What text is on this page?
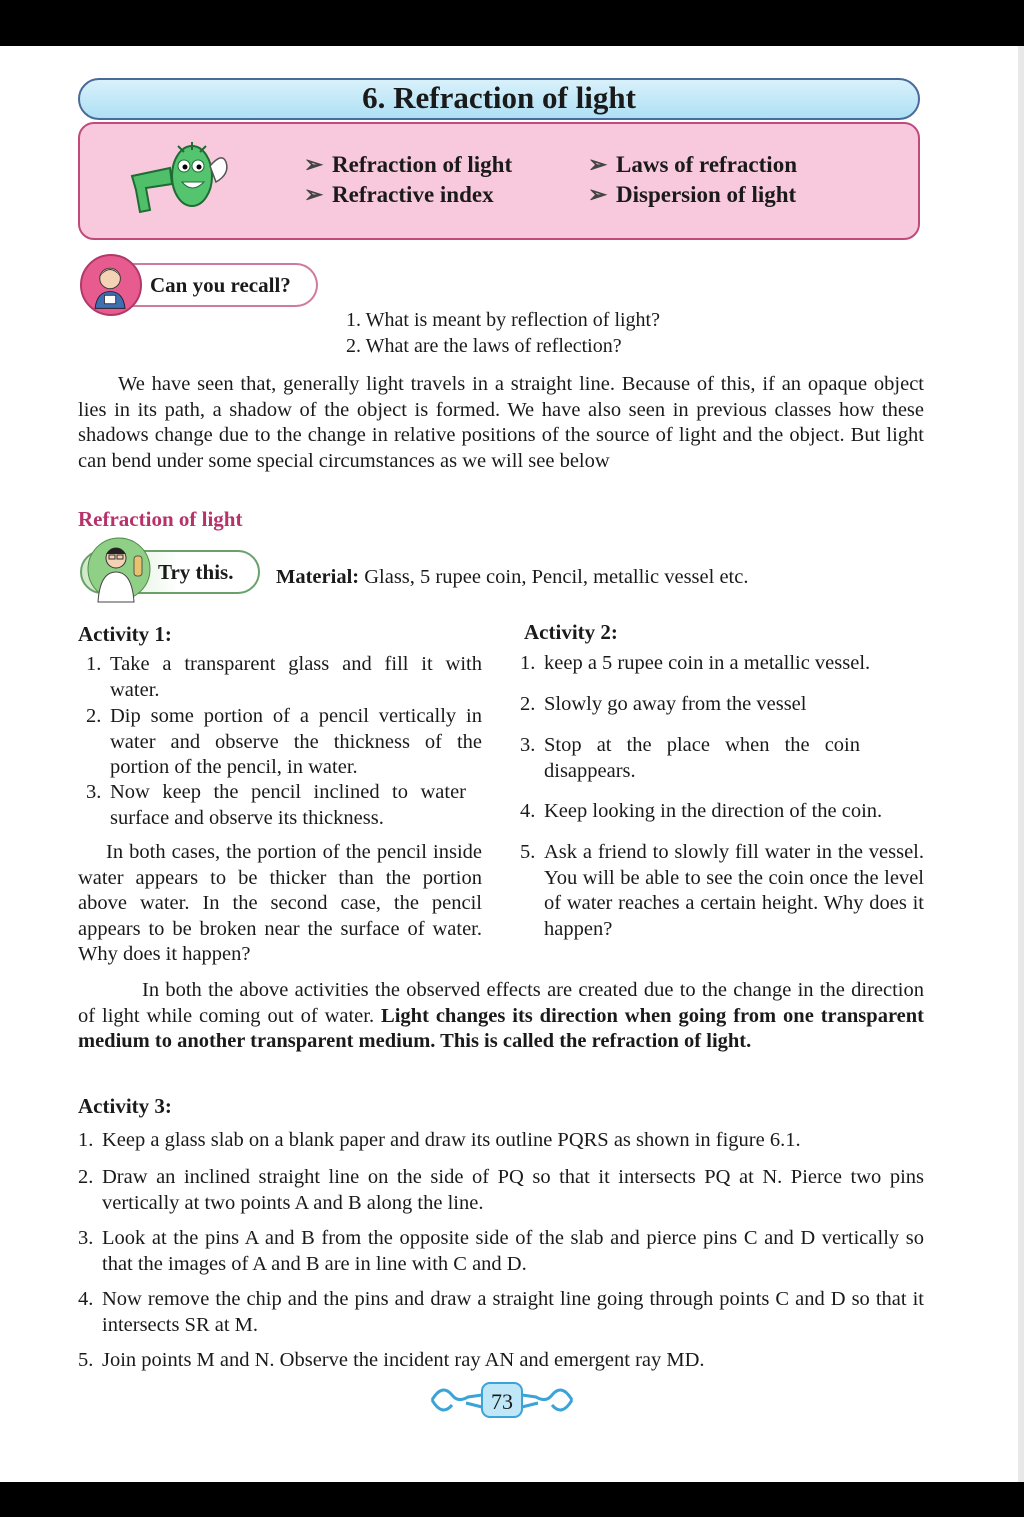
6. Refraction of light
➢ Refraction of light	➢ Laws of refraction
➢ Refractive index	➢ Dispersion of light
Can you recall?
1. What is meant by reflection of light?
2. What are the laws of reflection?
We have seen that, generally light travels in a straight line. Because of this, if an opaque object lies in its path, a shadow of the object is formed. We have also seen in previous classes how these shadows change due to the change in relative positions of the source of light and the object. But light can bend under some special circumstances as we will see below
Refraction of light
Try this.	Material: Glass, 5 rupee coin, Pencil, metallic vessel etc.
Activity 1:
1. Take a transparent glass and fill it with water.
2. Dip some portion of a pencil vertically in water and observe the thickness of the portion of the pencil, in water.
3. Now keep the pencil inclined to water surface and observe its thickness.
In both cases, the portion of the pencil inside water appears to be thicker than the portion above water. In the second case, the pencil appears to be broken near the surface of water. Why does it happen?
Activity 2:
1. keep a 5 rupee coin in a metallic vessel.
2. Slowly go away from the vessel
3. Stop at the place when the coin disappears.
4. Keep looking in the direction of the coin.
5. Ask a friend to slowly fill water in the vessel. You will be able to see the coin once the level of water reaches a certain height. Why does it happen?
In both the above activities the observed effects are created due to the change in the direction of light while coming out of water. Light changes its direction when going from one transparent medium to another transparent medium. This is called the refraction of light.
Activity 3:
1. Keep a glass slab on a blank paper and draw its outline PQRS as shown in figure 6.1.
2. Draw an inclined straight line on the side of PQ so that it intersects PQ at N. Pierce two pins vertically at two points A and B along the line.
3. Look at the pins A and B from the opposite side of the slab and pierce pins C and D vertically so that the images of A and B are in line with C and D.
4. Now remove the chip and the pins and draw a straight line going through points C and D so that it intersects SR at M.
5. Join points M and N. Observe the incident ray AN and emergent ray MD.
73
